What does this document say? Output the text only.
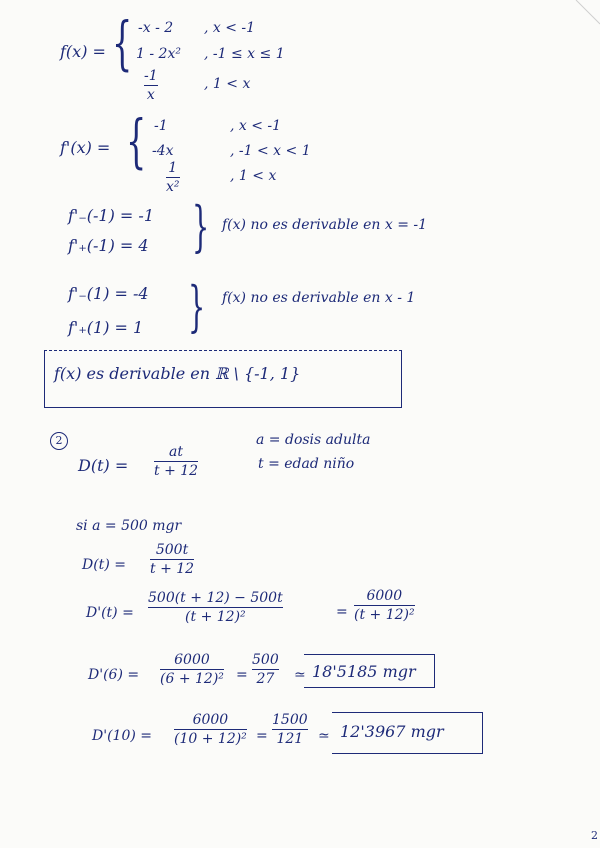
f(x) = { -x - 2 , x < -1
1 - 2x² , -1 ≤ x ≤ 1
-1
x
, 1 < x
f'(x) = { -1	, x < -1
-4x	, -1 < x < 1
1
x²
, 1 < x
f'₋(-1) = -1
f'₊(-1) = 4 } f(x) no es derivable en x = -1
f'₋(1) = -4
f'₊(1) = 1 } f(x) no es derivable en x - 1
f(x) es derivable en ℝ \ {-1, 1}
2
D(t) =
at
t + 12
a = dosis adulta
t = edad niño
si a = 500 mgr
D(t) =
500t
t + 12
D'(t) =
500(t + 12) − 500t
(t + 12)²	=
6000
(t + 12)²
D'(6) =
6000
(6 + 12)² =
500
27 ≃ 18'5185 mgr
D'(10) =
6000
(10 + 12)² =
1500
121 ≃ 12'3967 mgr
2
